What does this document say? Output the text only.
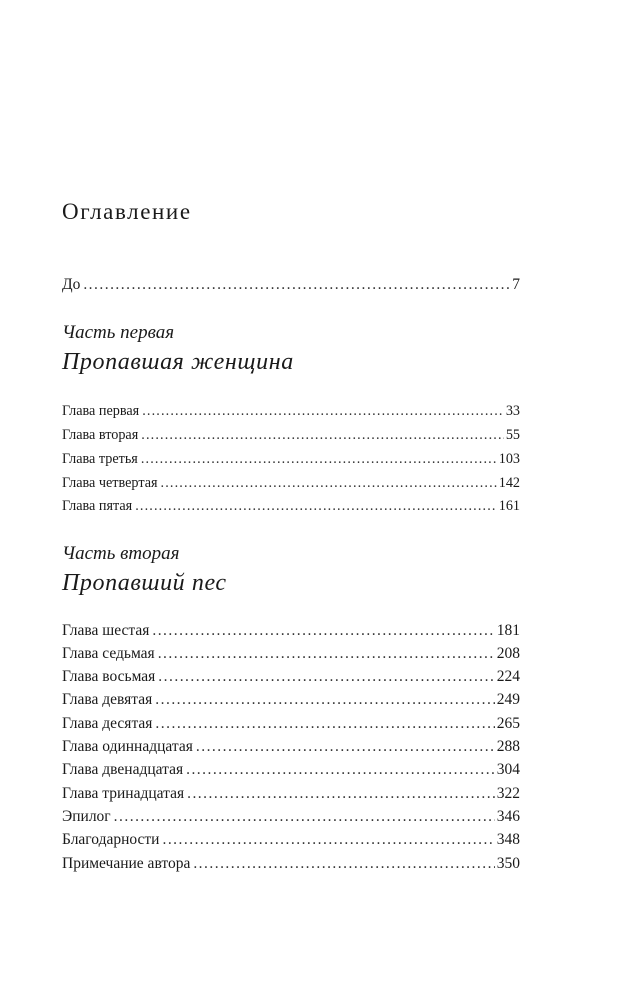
Оглавление
До . . .	7
Часть первая
Пропавшая женщина
Глава первая . . .	33
Глава вторая . . .	55
Глава третья . . .	103
Глава четвертая . . .	142
Глава пятая . . .	161
Часть вторая
Пропавший пес
Глава шестая . . .	181
Глава седьмая . . .	208
Глава восьмая . . .	224
Глава девятая . . .	249
Глава десятая . . .	265
Глава одиннадцатая . . .	288
Глава двенадцатая . . .	304
Глава тринадцатая . . .	322
Эпилог . . .	346
Благодарности . . .	348
Примечание автора . . .	350
